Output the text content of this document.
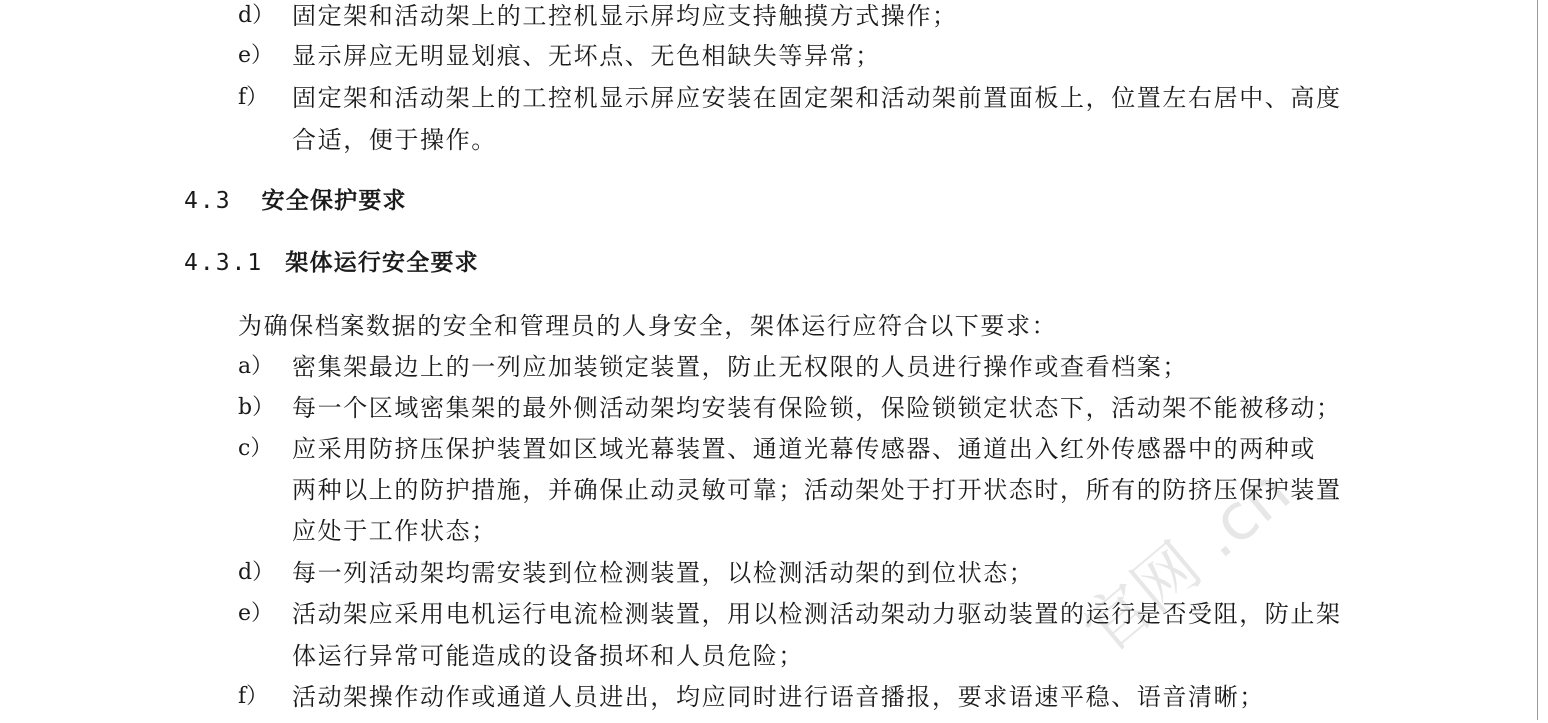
d） 固定架和活动架上的工控机显示屏均应支持触摸方式操作；
e） 显示屏应无明显划痕、无坏点、无色相缺失等异常；
f） 固定架和活动架上的工控机显示屏应安装在固定架和活动架前置面板上，位置左右居中、高度
合适，便于操作。
4.3 安全保护要求
4.3.1 架体运行安全要求
为确保档案数据的安全和管理员的人身安全，架体运行应符合以下要求：
a） 密集架最边上的一列应加装锁定装置，防止无权限的人员进行操作或查看档案；
b） 每一个区域密集架的最外侧活动架均安装有保险锁，保险锁锁定状态下，活动架不能被移动；
c） 应采用防挤压保护装置如区域光幕装置、通道光幕传感器、通道出入红外传感器中的两种或
两种以上的防护措施，并确保止动灵敏可靠；活动架处于打开状态时，所有的防挤压保护装置
应处于工作状态；
d） 每一列活动架均需安装到位检测装置，以检测活动架的到位状态；
e） 活动架应采用电机运行电流检测装置，用以检测活动架动力驱动装置的运行是否受阻，防止架
体运行异常可能造成的设备损坏和人员危险；
f） 活动架操作动作或通道人员进出，均应同时进行语音播报，要求语速平稳、语音清晰；
官网 .cn
